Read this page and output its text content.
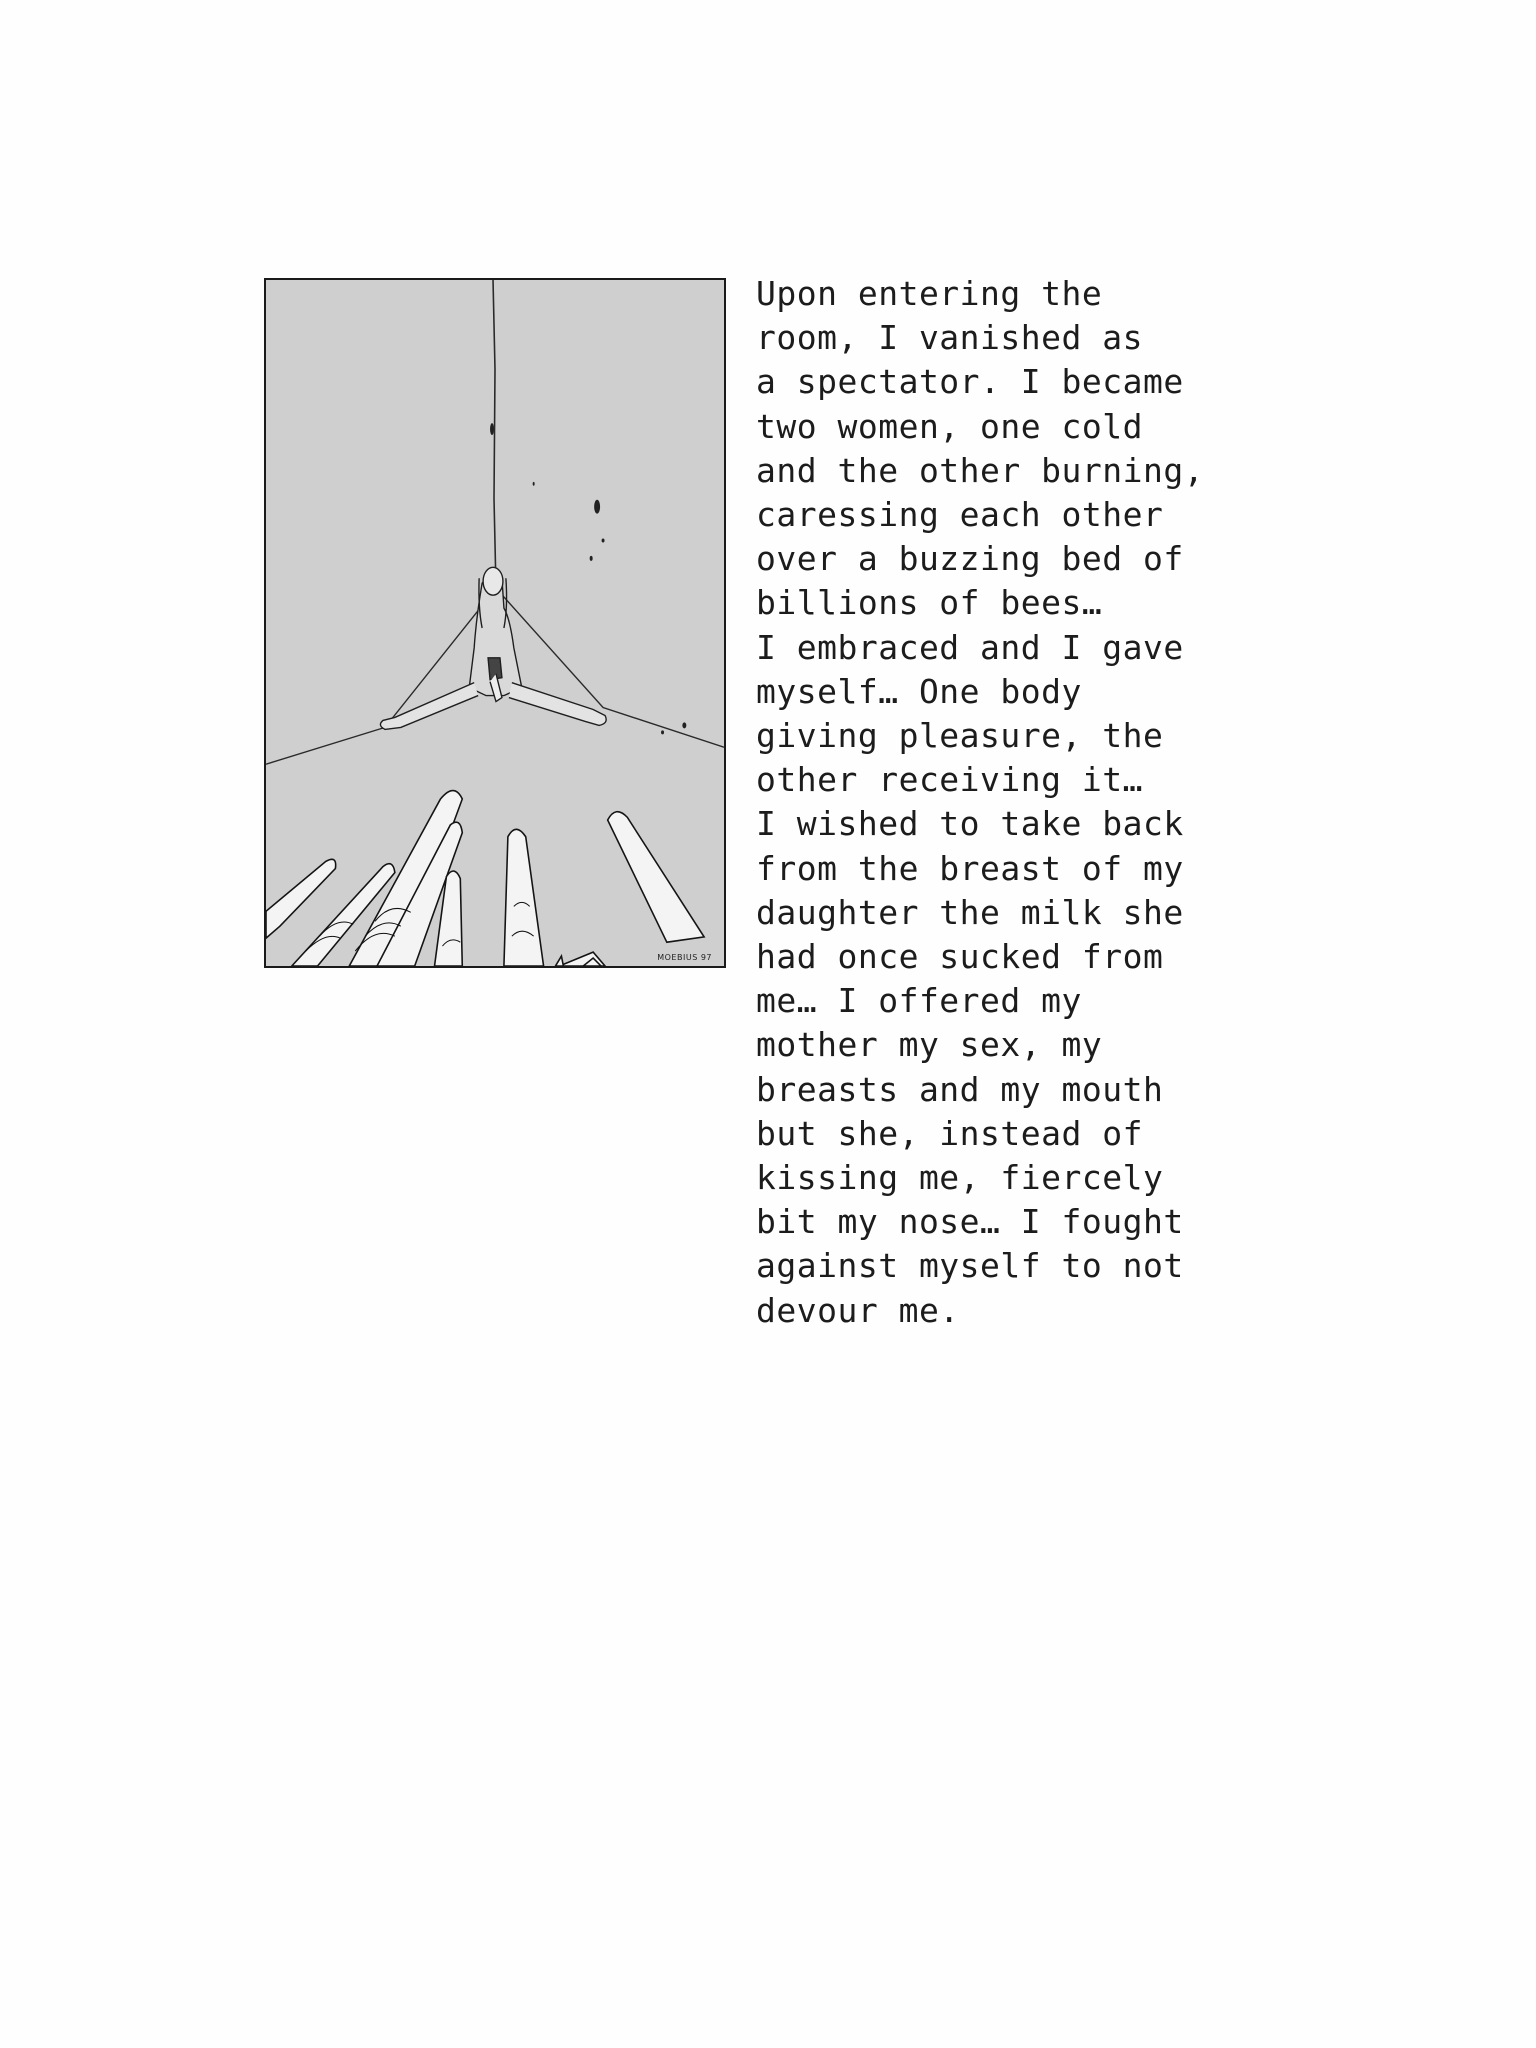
MOEBIUS 97

Upon entering the
room, I vanished as
a spectator. I became
two women, one cold
and the other burning,
caressing each other
over a buzzing bed of
billions of bees…
I embraced and I gave
myself… One body
giving pleasure, the
other receiving it…
I wished to take back
from the breast of my
daughter the milk she
had once sucked from
me… I offered my
mother my sex, my
breasts and my mouth
but she, instead of
kissing me, fiercely
bit my nose… I fought
against myself to not
devour me.
